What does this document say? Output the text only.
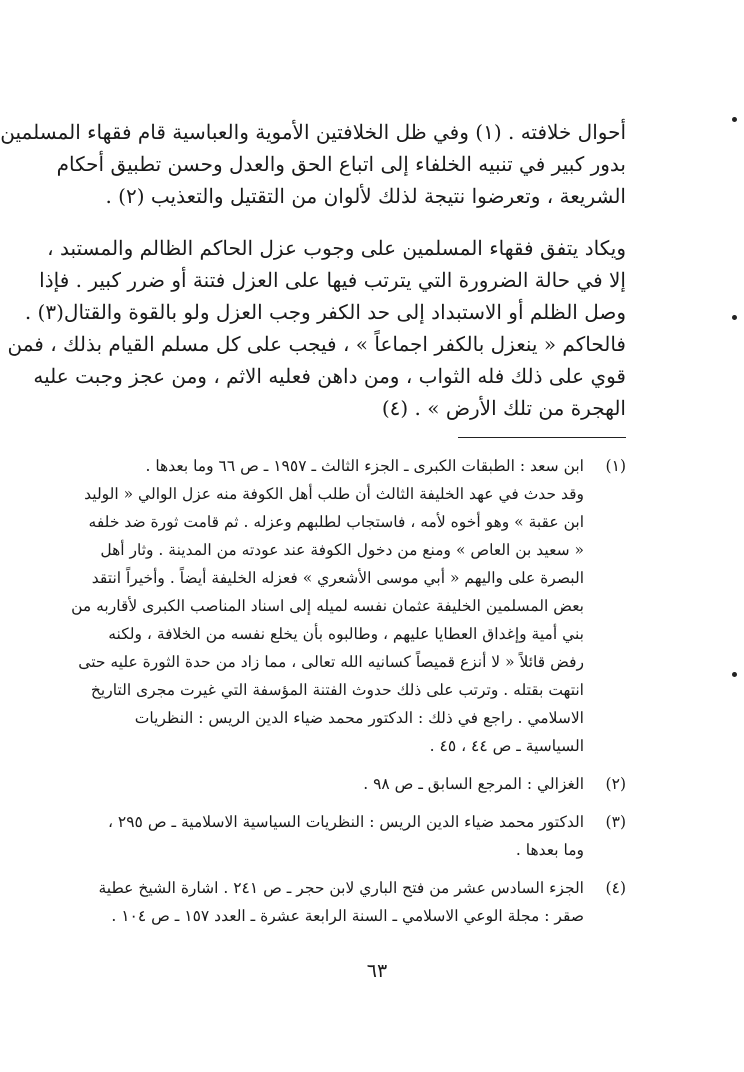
أحوال خلافته . (١) وفي ظل الخلافتين الأموية والعباسية قام فقهاء المسلمين
بدور كبير في تنبيه الخلفاء إلى اتباع الحق والعدل وحسن تطبيق أحكام
الشريعة ، وتعرضوا نتيجة لذلك لألوان من التقتيل والتعذيب (٢) .
ويكاد يتفق فقهاء المسلمين على وجوب عزل الحاكم الظالم والمستبد ،
إلا في حالة الضرورة التي يترتب فيها على العزل فتنة أو ضرر كبير . فإذا
وصل الظلم أو الاستبداد إلى حد الكفر وجب العزل ولو بالقوة والقتال(٣) .
فالحاكم « ينعزل بالكفر اجماعاً » ، فيجب على كل مسلم القيام بذلك ، فمن
قوي على ذلك فله الثواب ، ومن داهن فعليه الاثم ، ومن عجز وجبت عليه
الهجرة من تلك الأرض » . (٤)
(١)
ابن سعد : الطبقات الكبرى ـ الجزء الثالث ـ ١٩٥٧ ـ ص ٦٦ وما بعدها .
وقد حدث في عهد الخليفة الثالث أن طلب أهل الكوفة منه عزل الوالي « الوليد
ابن عقبة » وهو أخوه لأمه ، فاستجاب لطلبهم وعزله . ثم قامت ثورة ضد خلفه
« سعيد بن العاص » ومنع من دخول الكوفة عند عودته من المدينة . وثار أهل
البصرة على واليهم « أبي موسى الأشعري » فعزله الخليفة أيضاً . وأخيراً انتقد
بعض المسلمين الخليفة عثمان نفسه لميله إلى اسناد المناصب الكبرى لأقاربه من
بني أمية وإغداق العطايا عليهم ، وطالبوه بأن يخلع نفسه من الخلافة ، ولكنه
رفض قائلاً « لا أنزع قميصاً كسانيه الله تعالى ، مما زاد من حدة الثورة عليه حتى
انتهت بقتله . وترتب على ذلك حدوث الفتنة المؤسفة التي غيرت مجرى التاريخ
الاسلامي . راجع في ذلك : الدكتور محمد ضياء الدين الريس : النظريات
السياسية ـ ص ٤٤ ، ٤٥ .
(٢)
الغزالي : المرجع السابق ـ ص ٩٨ .
(٣)
الدكتور محمد ضياء الدين الريس : النظريات السياسية الاسلامية ـ ص ٢٩٥ ،
وما بعدها .
(٤)
الجزء السادس عشر من فتح الباري لابن حجر ـ ص ٢٤١ . اشارة الشيخ عطية
صقر : مجلة الوعي الاسلامي ـ السنة الرابعة عشرة ـ العدد ١٥٧ ـ ص ١٠٤ .
٦٣
